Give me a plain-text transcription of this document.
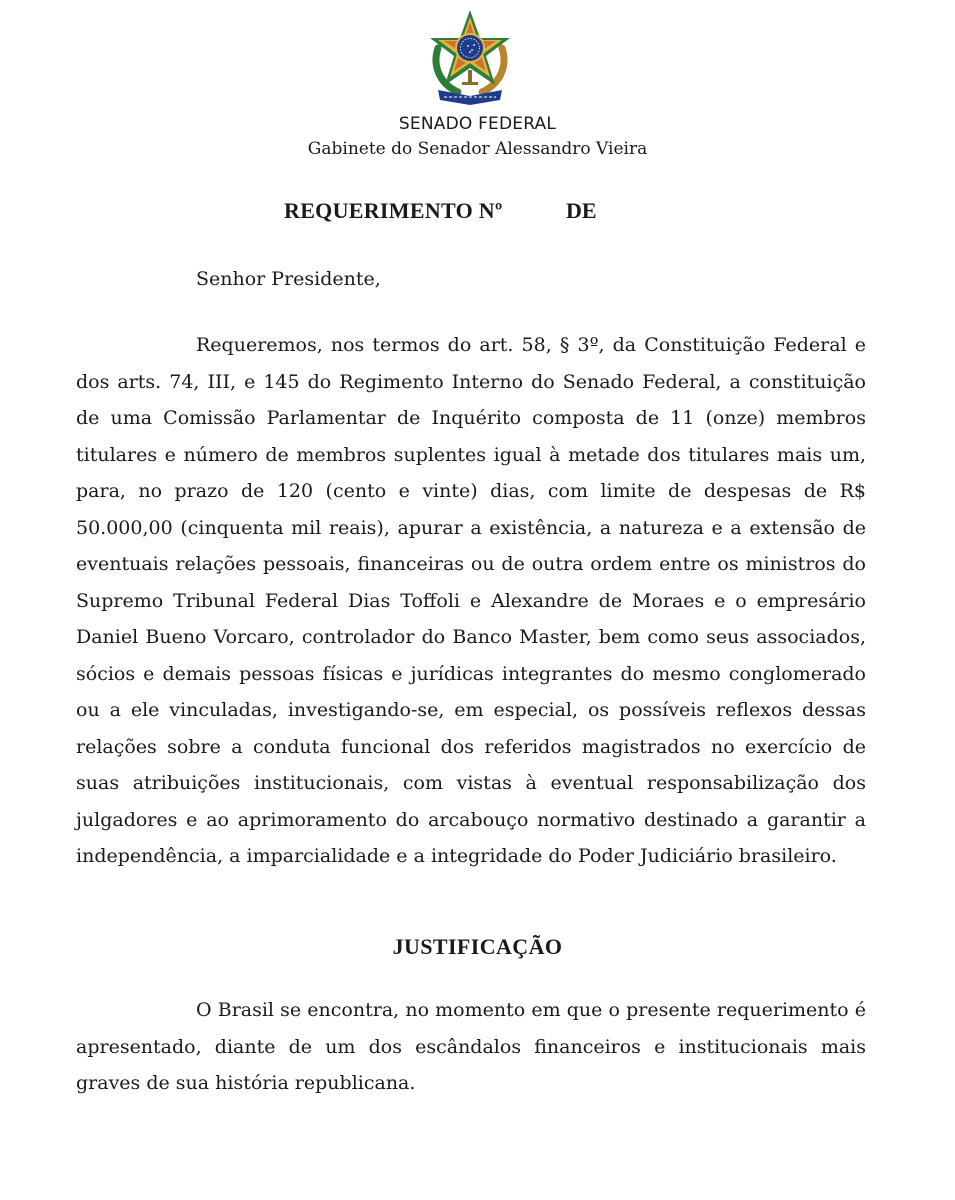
SENADO FEDERAL
Gabinete do Senador Alessandro Vieira
REQUERIMENTO Nº	DE
Senhor Presidente,
Requeremos, nos termos do art. 58, § 3º, da Constituição Federal e dos arts. 74, III, e 145 do Regimento Interno do Senado Federal, a constituição de uma Comissão Parlamentar de Inquérito composta de 11 (onze) membros titulares e número de membros suplentes igual à metade dos titulares mais um, para, no prazo de 120 (cento e vinte) dias, com limite de despesas de R$ 50.000,00 (cinquenta mil reais), apurar a existência, a natureza e a extensão de eventuais relações pessoais, financeiras ou de outra ordem entre os ministros do Supremo Tribunal Federal Dias Toffoli e Alexandre de Moraes e o empresário Daniel Bueno Vorcaro, controlador do Banco Master, bem como seus associados, sócios e demais pessoas físicas e jurídicas integrantes do mesmo conglomerado ou a ele vinculadas, investigando-se, em especial, os possíveis reflexos dessas relações sobre a conduta funcional dos referidos magistrados no exercício de suas atribuições institucionais, com vistas à eventual responsabilização dos julgadores e ao aprimoramento do arcabouço normativo destinado a garantir a independência, a imparcialidade e a integridade do Poder Judiciário brasileiro.
JUSTIFICAÇÃO
O Brasil se encontra, no momento em que o presente requerimento é apresentado, diante de um dos escândalos financeiros e institucionais mais graves de sua história republicana.
